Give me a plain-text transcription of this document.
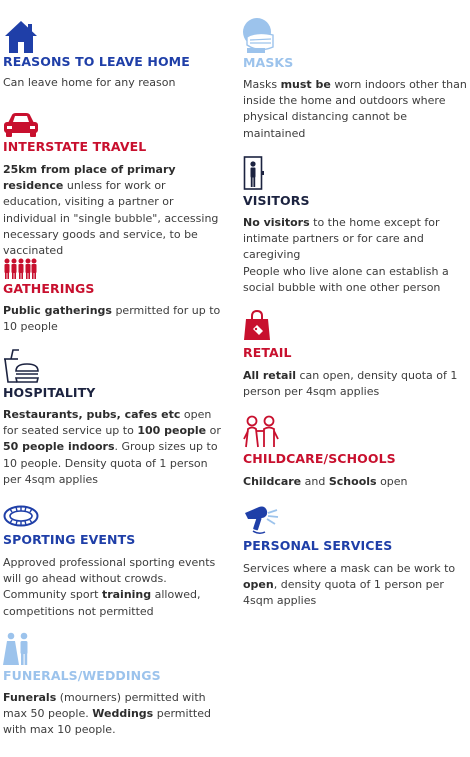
REASONS TO LEAVE HOME
Can leave home for any reason
INTERSTATE TRAVEL
25km from place of primary residence unless for work or education, visiting a partner or individual in "single bubble", accessing necessary goods and service, to be vaccinated
GATHERINGS
Public gatherings permitted for up to 10 people
HOSPITALITY
Restaurants, pubs, cafes etc open for seated service up to 100 people or 50 people indoors. Group sizes up to 10 people. Density quota of 1 person per 4sqm applies
SPORTING EVENTS
Approved professional sporting events will go ahead without crowds. Community sport training allowed, competitions not permitted
FUNERALS/WEDDINGS
Funerals (mourners) permitted with max 50 people. Weddings permitted with max 10 people.
MASKS
Masks must be worn indoors other than inside the home and outdoors where physical distancing cannot be maintained
VISITORS
No visitors to the home except for intimate partners or for care and caregiving
People who live alone can establish a social bubble with one other person
RETAIL
All retail can open, density quota of 1 person per 4sqm applies
CHILDCARE/SCHOOLS
Childcare and Schools open
PERSONAL SERVICES
Services where a mask can be work to open, density quota of 1 person per 4sqm applies
